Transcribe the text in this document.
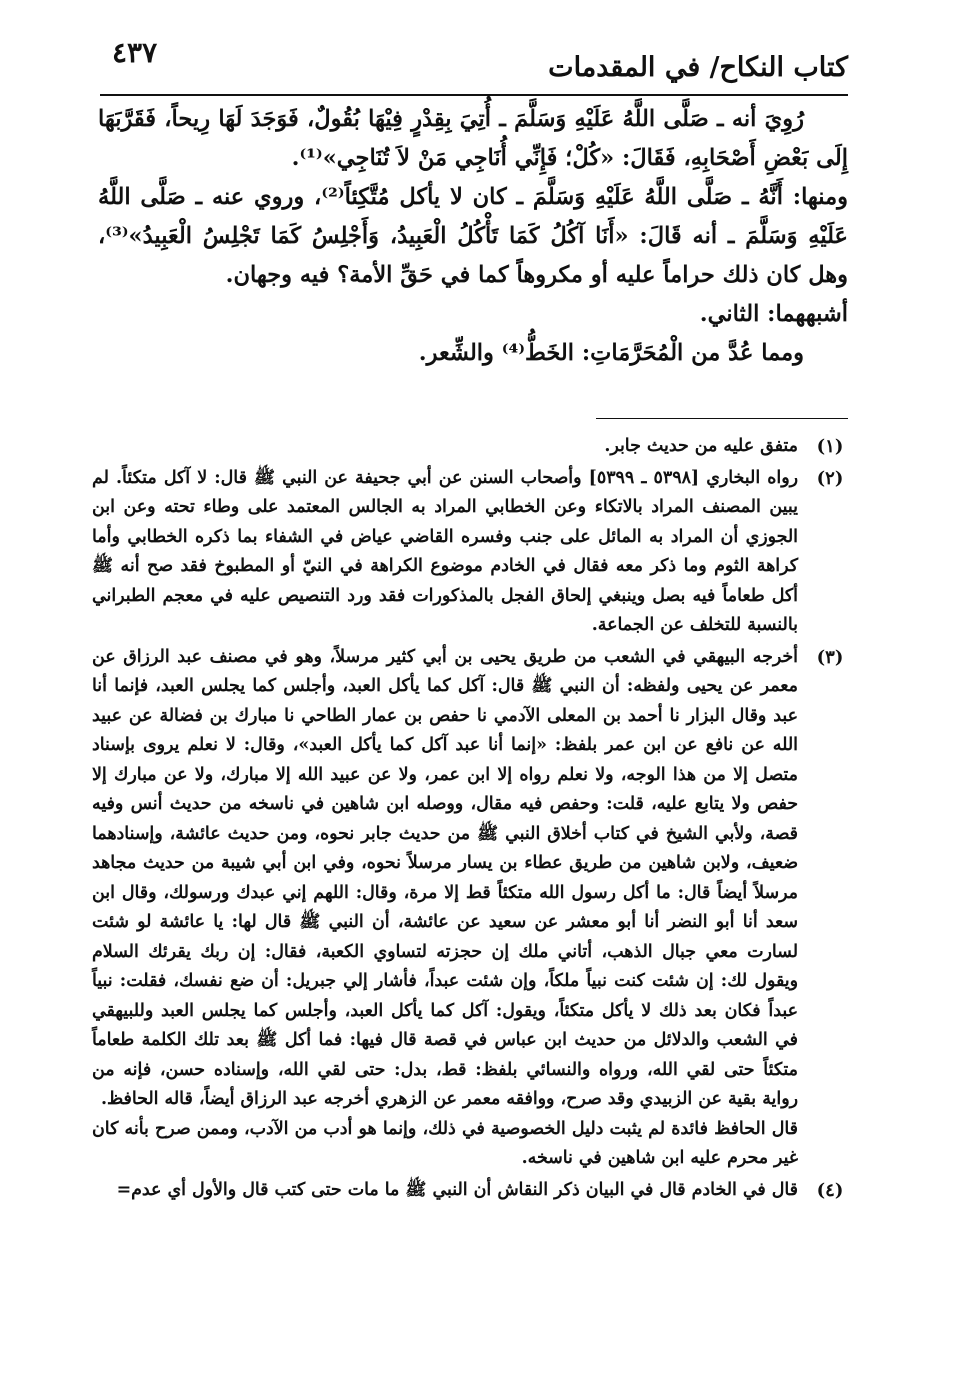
كتاب النكاح/ في المقدمات
٤٣٧

رُوِيَ أنه ـ صَلَّى اللَّهُ عَلَيْهِ وَسَلَّمَ ـ أُتِيَ بِقِدْرٍ فِيْهَا بُقُولٌ، فَوَجَدَ لَهَا رِيحاً، فَقَرَّبَهَا إِلَى بَعْضِ أَصْحَابِهِ، فَقَالَ: «كُلْ؛ فَإِنِّي أُنَاجِي مَنْ لاَ تُنَاجِي»⁽¹⁾.

ومنها: أَنَّهُ ـ صَلَّى اللَّهُ عَلَيْهِ وَسَلَّمَ ـ كان لا يأكل مُتَّكِئاً⁽²⁾، وروي عنه ـ صَلَّى اللَّهُ عَلَيْهِ وَسَلَّمَ ـ أنه قَالَ: «أَنَا آكُلُ كَمَا تَأْكُلُ الْعَبِيدُ، وَأَجْلِسُ كَمَا تَجْلِسُ الْعَبِيدُ»⁽³⁾، وهل كان ذلك حراماً عليه أو مكروهاً كما في حَقِّ الأمة؟ فيه وجهان.

أشبههما: الثاني.

ومما عُدَّ من الْمُحَرَّمَاتِ: الخَطُّ⁽⁴⁾ والشِّعر.

(١)

متفق عليه من حديث جابر.

(٢)

رواه البخاري [٥٣٩٨ ـ ٥٣٩٩] وأصحاب السنن عن أبي جحيفة عن النبي ﷺ قال: لا آكل متكئاً. لم يبين المصنف المراد بالاتكاء وعن الخطابي المراد به الجالس المعتمد على وطاء تحته وعن ابن الجوزي أن المراد به المائل على جنب وفسره القاضي عياض في الشفاء بما ذكره الخطابي وأما كراهة الثوم وما ذكر معه فقال في الخادم موضوع الكراهة في النيّ أو المطبوخ فقد صح أنه ﷺ أكل طعاماً فيه بصل وينبغي إلحاق الفجل بالمذكورات فقد ورد التنصيص عليه في معجم الطبراني بالنسبة للتخلف عن الجماعة.

(٣)

أخرجه البيهقي في الشعب من طريق يحيى بن أبي كثير مرسلاً، وهو في مصنف عبد الرزاق عن معمر عن يحيى ولفظه: أن النبي ﷺ قال: آكل كما يأكل العبد، وأجلس كما يجلس العبد، فإنما أنا عبد وقال البزار نا أحمد بن المعلى الآدمي نا حفص بن عمار الطاحي نا مبارك بن فضالة عن عبيد الله عن نافع عن ابن عمر بلفظ: «إنما أنا عبد آكل كما يأكل العبد»، وقال: لا نعلم يروى بإسناد متصل إلا من هذا الوجه، ولا نعلم رواه إلا ابن عمر، ولا عن عبيد الله إلا مبارك، ولا عن مبارك إلا حفص ولا يتابع عليه، قلت: وحفص فيه مقال، ووصله ابن شاهين في ناسخه من حديث أنس وفيه قصة، ولأبي الشيخ في كتاب أخلاق النبي ﷺ من حديث جابر نحوه، ومن حديث عائشة، وإسنادهما ضعيف، ولابن شاهين من طريق عطاء بن يسار مرسلاً نحوه، وفي ابن أبي شيبة من حديث مجاهد مرسلاً أيضاً قال: ما أكل رسول الله متكئاً قط إلا مرة، وقال: اللهم إني عبدك ورسولك، وقال ابن سعد أنا أبو النضر أنا أبو معشر عن سعيد عن عائشة، أن النبي ﷺ قال لها: يا عائشة لو شئت لسارت معي جبال الذهب، أتاني ملك إن حجزته لتساوي الكعبة، فقال: إن ربك يقرئك السلام ويقول لك: إن شئت كنت نبياً ملكاً، وإن شئت عبداً، فأشار إلي جبريل: أن ضع نفسك، فقلت: نبياً عبداً فكان بعد ذلك لا يأكل متكئاً، ويقول: آكل كما يأكل العبد، وأجلس كما يجلس العبد وللبيهقي في الشعب والدلائل من حديث ابن عباس في قصة قال فيها: فما أكل ﷺ بعد تلك الكلمة طعاماً متكئاً حتى لقي الله، ورواه والنسائي بلفظ: قط، بدل: حتى لقي الله، وإسناده حسن، فإنه من رواية بقية عن الزبيدي وقد صرح، ووافقه معمر عن الزهري أخرجه عبد الرزاق أيضاً، قاله الحافظ.

قال الحافظ فائدة لم يثبت دليل الخصوصية في ذلك، وإنما هو أدب من الآدب، وممن صرح بأنه كان غير محرم عليه ابن شاهين في ناسخه.

(٤)

قال في الخادم قال في البيان ذكر النقاش أن النبي ﷺ ما مات حتى كتب قال والأول أي عدم=
